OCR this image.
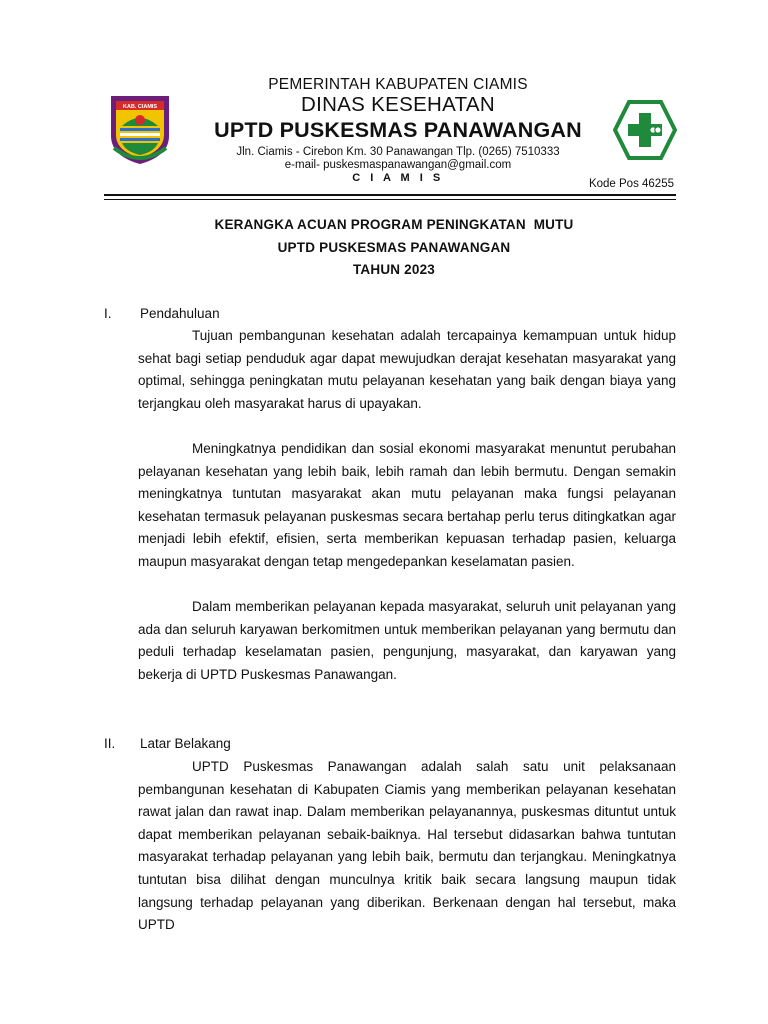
KAB. CIAMIS
PEMERINTAH KABUPATEN CIAMIS
DINAS KESEHATAN
UPTD PUSKESMAS PANAWANGAN
Jln. Ciamis - Cirebon Km. 30 Panawangan Tlp. (0265) 7510333
e-mail- puskesmaspanawangan@gmail.com
C I A M I S	Kode Pos 46255
KERANGKA ACUAN PROGRAM PENINGKATAN  MUTU
UPTD PUSKESMAS PANAWANGAN
TAHUN 2023
I. Pendahuluan

Tujuan pembangunan kesehatan adalah tercapainya kemampuan untuk hidup sehat bagi setiap penduduk agar dapat mewujudkan derajat kesehatan masyarakat yang optimal, sehingga peningkatan mutu pelayanan kesehatan yang baik dengan biaya yang terjangkau oleh masyarakat harus di upayakan.

Meningkatnya pendidikan dan sosial ekonomi masyarakat menuntut perubahan pelayanan kesehatan yang lebih baik, lebih ramah dan lebih bermutu. Dengan semakin meningkatnya tuntutan masyarakat akan mutu pelayanan maka fungsi pelayanan kesehatan termasuk pelayanan puskesmas secara bertahap perlu terus ditingkatkan agar menjadi lebih efektif, efisien, serta memberikan kepuasan terhadap pasien, keluarga maupun masyarakat dengan tetap mengedepankan keselamatan pasien.

Dalam memberikan pelayanan kepada masyarakat, seluruh unit pelayanan yang ada dan seluruh karyawan berkomitmen untuk memberikan pelayanan yang bermutu dan peduli terhadap keselamatan pasien, pengunjung, masyarakat, dan karyawan yang bekerja di UPTD Puskesmas Panawangan.

II. Latar Belakang

UPTD Puskesmas Panawangan adalah salah satu unit pelaksanaan pembangunan kesehatan di Kabupaten Ciamis yang memberikan pelayanan kesehatan rawat jalan dan rawat inap. Dalam memberikan pelayanannya, puskesmas dituntut untuk dapat memberikan pelayanan sebaik-baiknya. Hal tersebut didasarkan bahwa tuntutan masyarakat terhadap pelayanan yang lebih baik, bermutu dan terjangkau. Meningkatnya tuntutan bisa dilihat dengan munculnya kritik baik secara langsung maupun tidak langsung terhadap pelayanan yang diberikan. Berkenaan dengan hal tersebut, maka UPTD
